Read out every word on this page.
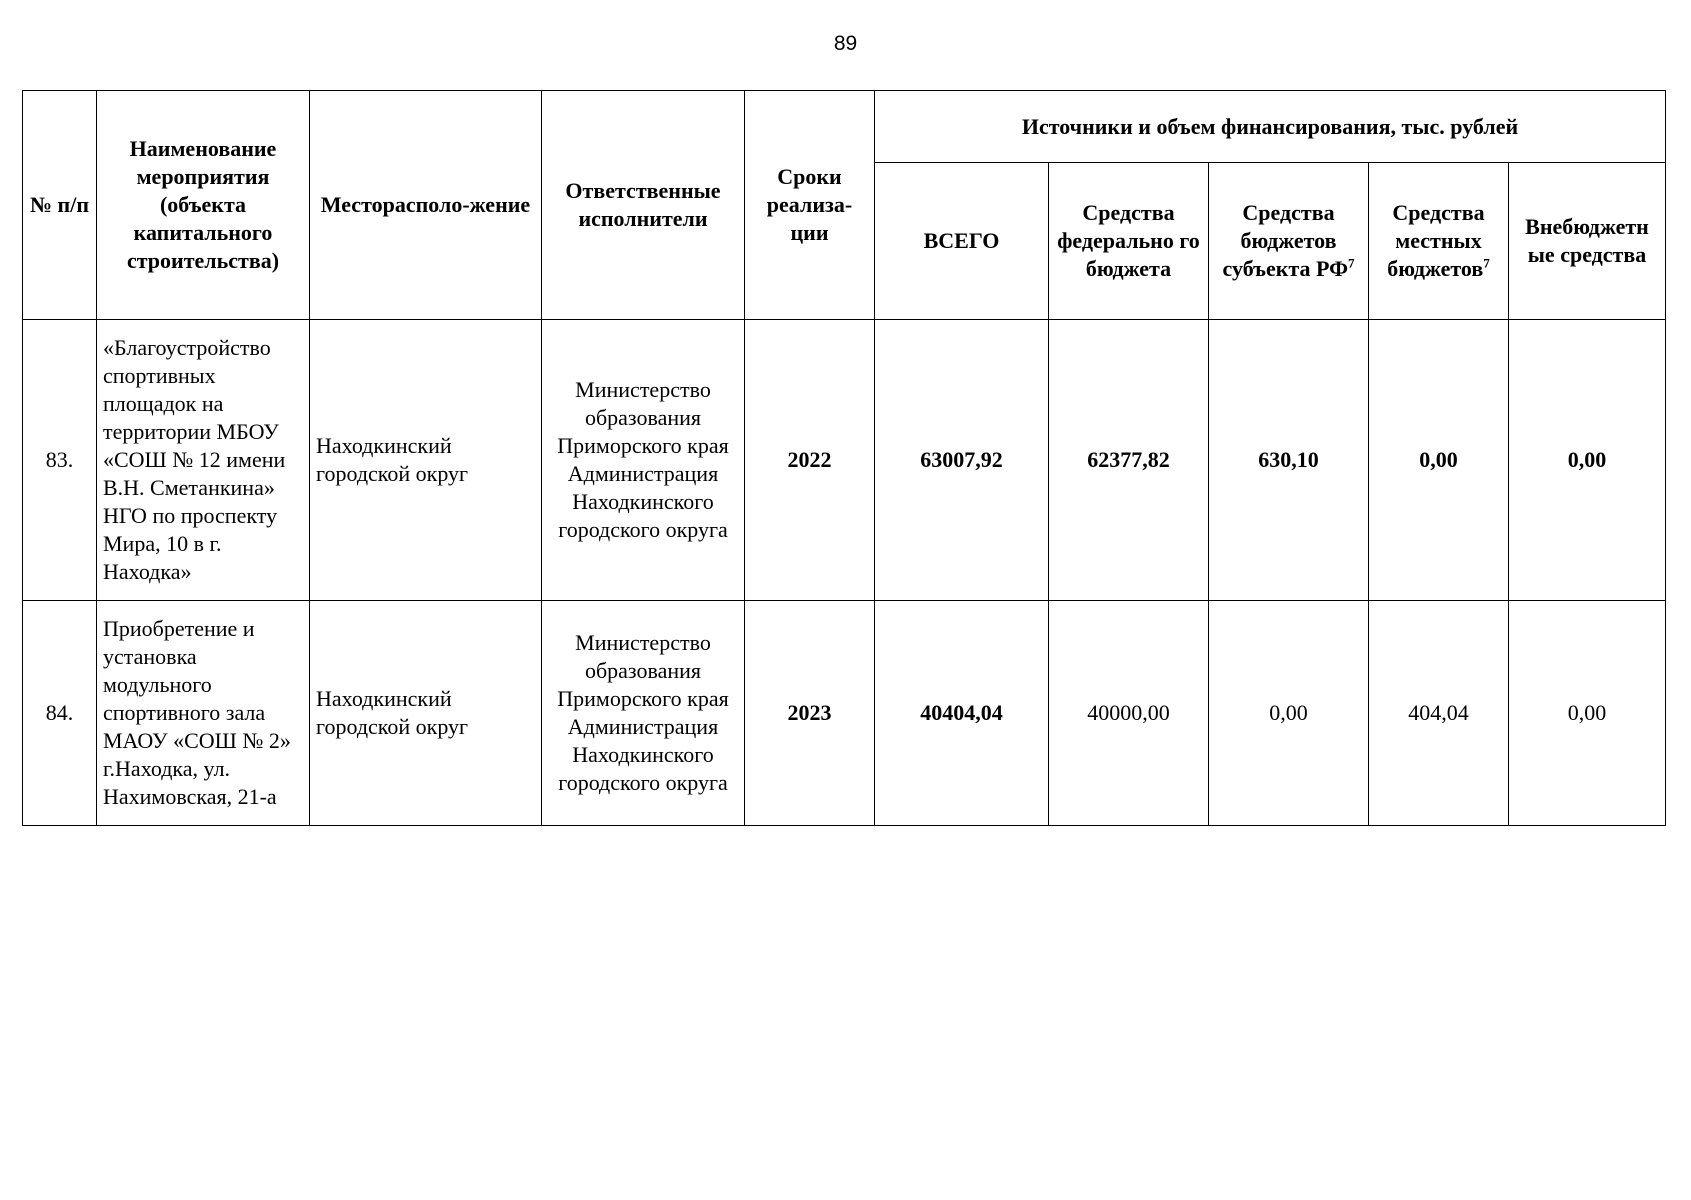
89
№ п/п	Наименование мероприятия (объекта капитального строительства)	Месторасполо-жение	Ответственные исполнители	Сроки реализа-ции	Источники и объем финансирования, тыс. рублей				
					ВСЕГО	Средства федерально го бюджета	Средства бюджетов субъекта $РФ^7$	Средства местных бюджетов$^7$	Внебюджетн ые средства
83.	«Благоустройство спортивных площадок на территории МБОУ «СОШ № 12 имени В.Н. Сметанкина» НГО по проспекту Мира, 10 в г. Находка»	Находкинский городской округ	Министерство образования Приморского края Администрация Находкинского городского округа	2022	63007,92	62377,82	630,10	0,00	0,00
84.	Приобретение и установка модульного спортивного зала МАОУ «СОШ № 2» г.Находка, ул. Нахимовская, 21-а	Находкинский городской округ	Министерство образования Приморского края Администрация Находкинского городского округа	2023	40404,04	40000,00	0,00	404,04	0,00
